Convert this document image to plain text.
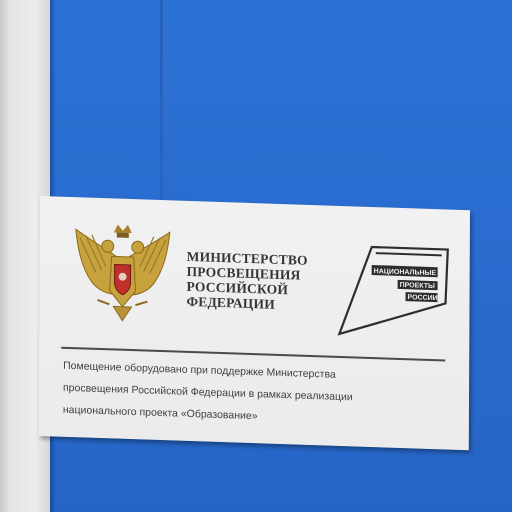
МИНИСТЕРСТВО
ПРОСВЕЩЕНИЯ
РОССИЙСКОЙ
ФЕДЕРАЦИИ
НАЦИОНАЛЬНЫЕ
ПРОЕКТЫ
РОССИИ
Помещение оборудовано при поддержке Министерства
просвещения Российской Федерации в рамках реализации
национального проекта «Образование»
